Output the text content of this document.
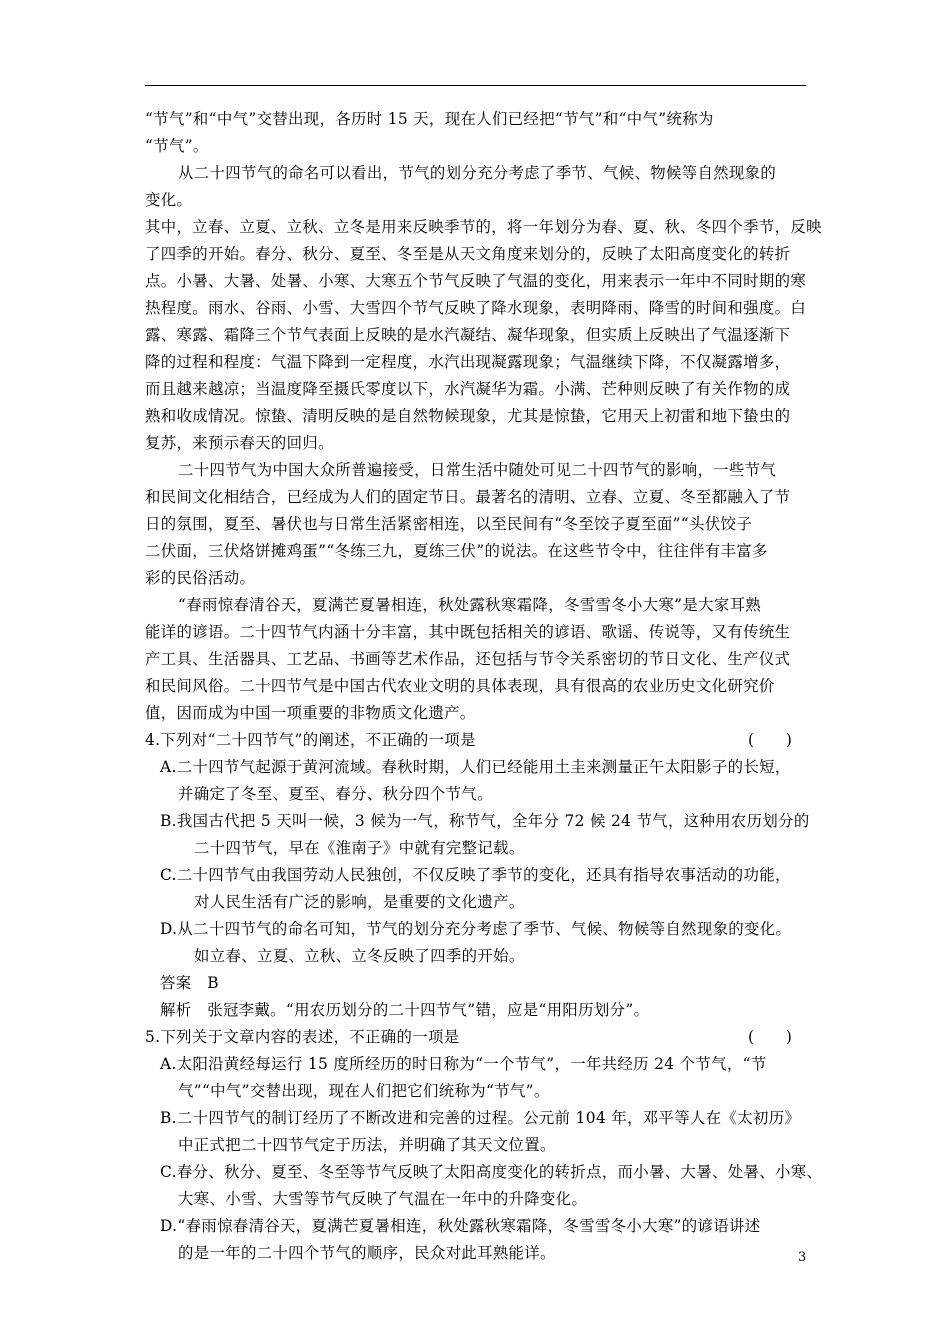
“节气”和“中气”交替出现，各历时 15 天，现在人们已经把“节气”和“中气”统称为
“节气”。
从二十四节气的命名可以看出，节气的划分充分考虑了季节、气候、物候等自然现象的
变化。
其中，立春、立夏、立秋、立冬是用来反映季节的，将一年划分为春、夏、秋、冬四个季节，反映
了四季的开始。春分、秋分、夏至、冬至是从天文角度来划分的，反映了太阳高度变化的转折
点。小暑、大暑、处暑、小寒、大寒五个节气反映了气温的变化，用来表示一年中不同时期的寒
热程度。雨水、谷雨、小雪、大雪四个节气反映了降水现象，表明降雨、降雪的时间和强度。白
露、寒露、霜降三个节气表面上反映的是水汽凝结、凝华现象，但实质上反映出了气温逐渐下
降的过程和程度：气温下降到一定程度，水汽出现凝露现象；气温继续下降，不仅凝露增多，
而且越来越凉；当温度降至摄氏零度以下，水汽凝华为霜。小满、芒种则反映了有关作物的成
熟和收成情况。惊蛰、清明反映的是自然物候现象，尤其是惊蛰，它用天上初雷和地下蛰虫的
复苏，来预示春天的回归。
二十四节气为中国大众所普遍接受，日常生活中随处可见二十四节气的影响，一些节气
和民间文化相结合，已经成为人们的固定节日。最著名的清明、立春、立夏、冬至都融入了节
日的氛围，夏至、暑伏也与日常生活紧密相连，以至民间有“冬至饺子夏至面”“头伏饺子
二伏面，三伏烙饼摊鸡蛋”“冬练三九，夏练三伏”的说法。在这些节令中，往往伴有丰富多
彩的民俗活动。
“春雨惊春清谷天，夏满芒夏暑相连，秋处露秋寒霜降，冬雪雪冬小大寒”是大家耳熟
能详的谚语。二十四节气内涵十分丰富，其中既包括相关的谚语、歌谣、传说等，又有传统生
产工具、生活器具、工艺品、书画等艺术作品，还包括与节令关系密切的节日文化、生产仪式
和民间风俗。二十四节气是中国古代农业文明的具体表现，具有很高的农业历史文化研究价
值，因而成为中国一项重要的非物质文化遗产。
4.下列对“二十四节气”的阐述，不正确的一项是	(　　)
A.二十四节气起源于黄河流域。春秋时期，人们已经能用土圭来测量正午太阳影子的长短，
并确定了冬至、夏至、春分、秋分四个节气。
B.我国古代把 5 天叫一候，3 候为一气，称节气，全年分 72 候 24 节气，这种用农历划分的
二十四节气，早在《淮南子》中就有完整记载。
C.二十四节气由我国劳动人民独创，不仅反映了季节的变化，还具有指导农事活动的功能，
对人民生活有广泛的影响，是重要的文化遗产。
D.从二十四节气的命名可知，节气的划分充分考虑了季节、气候、物候等自然现象的变化。
如立春、立夏、立秋、立冬反映了四季的开始。
答案　B
解析　张冠李戴。“用农历划分的二十四节气”错，应是“用阳历划分”。
5.下列关于文章内容的表述，不正确的一项是	(　　)
A.太阳沿黄经每运行 15 度所经历的时日称为“一个节气”，一年共经历 24 个节气，“节
气”“中气”交替出现，现在人们把它们统称为“节气”。
B.二十四节气的制订经历了不断改进和完善的过程。公元前 104 年，邓平等人在《太初历》
中正式把二十四节气定于历法，并明确了其天文位置。
C.春分、秋分、夏至、冬至等节气反映了太阳高度变化的转折点，而小暑、大暑、处暑、小寒、
大寒、小雪、大雪等节气反映了气温在一年中的升降变化。
D.“春雨惊春清谷天，夏满芒夏暑相连，秋处露秋寒霜降，冬雪雪冬小大寒”的谚语讲述
的是一年的二十四个节气的顺序，民众对此耳熟能详。	3
